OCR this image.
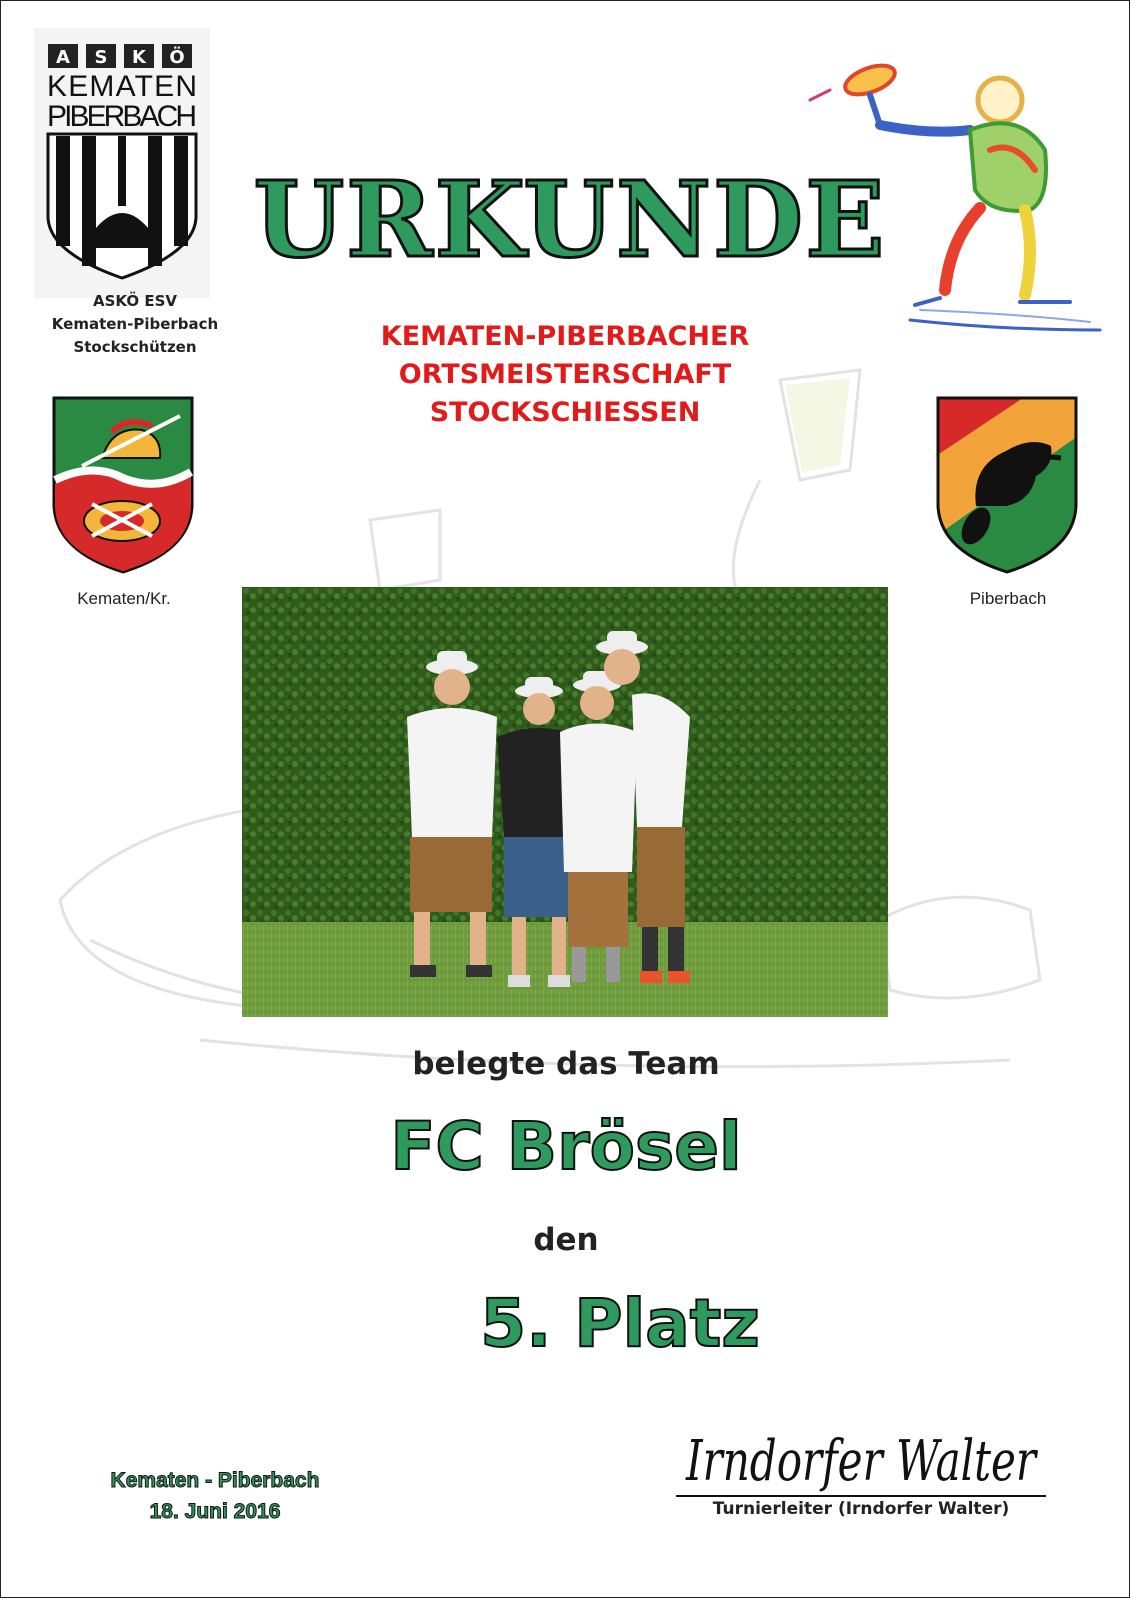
A S K Ö
KEMATEN
PIBERBACH
ASKÖ ESV
Kematen-Piberbach
Stockschützen
URKUNDE
KEMATEN-PIBERBACHER
ORTSMEISTERSCHAFT
STOCKSCHIESSEN
Kematen/Kr.	Piberbach
belegte das Team
FC Brösel
den
5. Platz
Irndorfer Walter
Turnierleiter (Irndorfer Walter)
Kematen - Piberbach
18. Juni 2016
